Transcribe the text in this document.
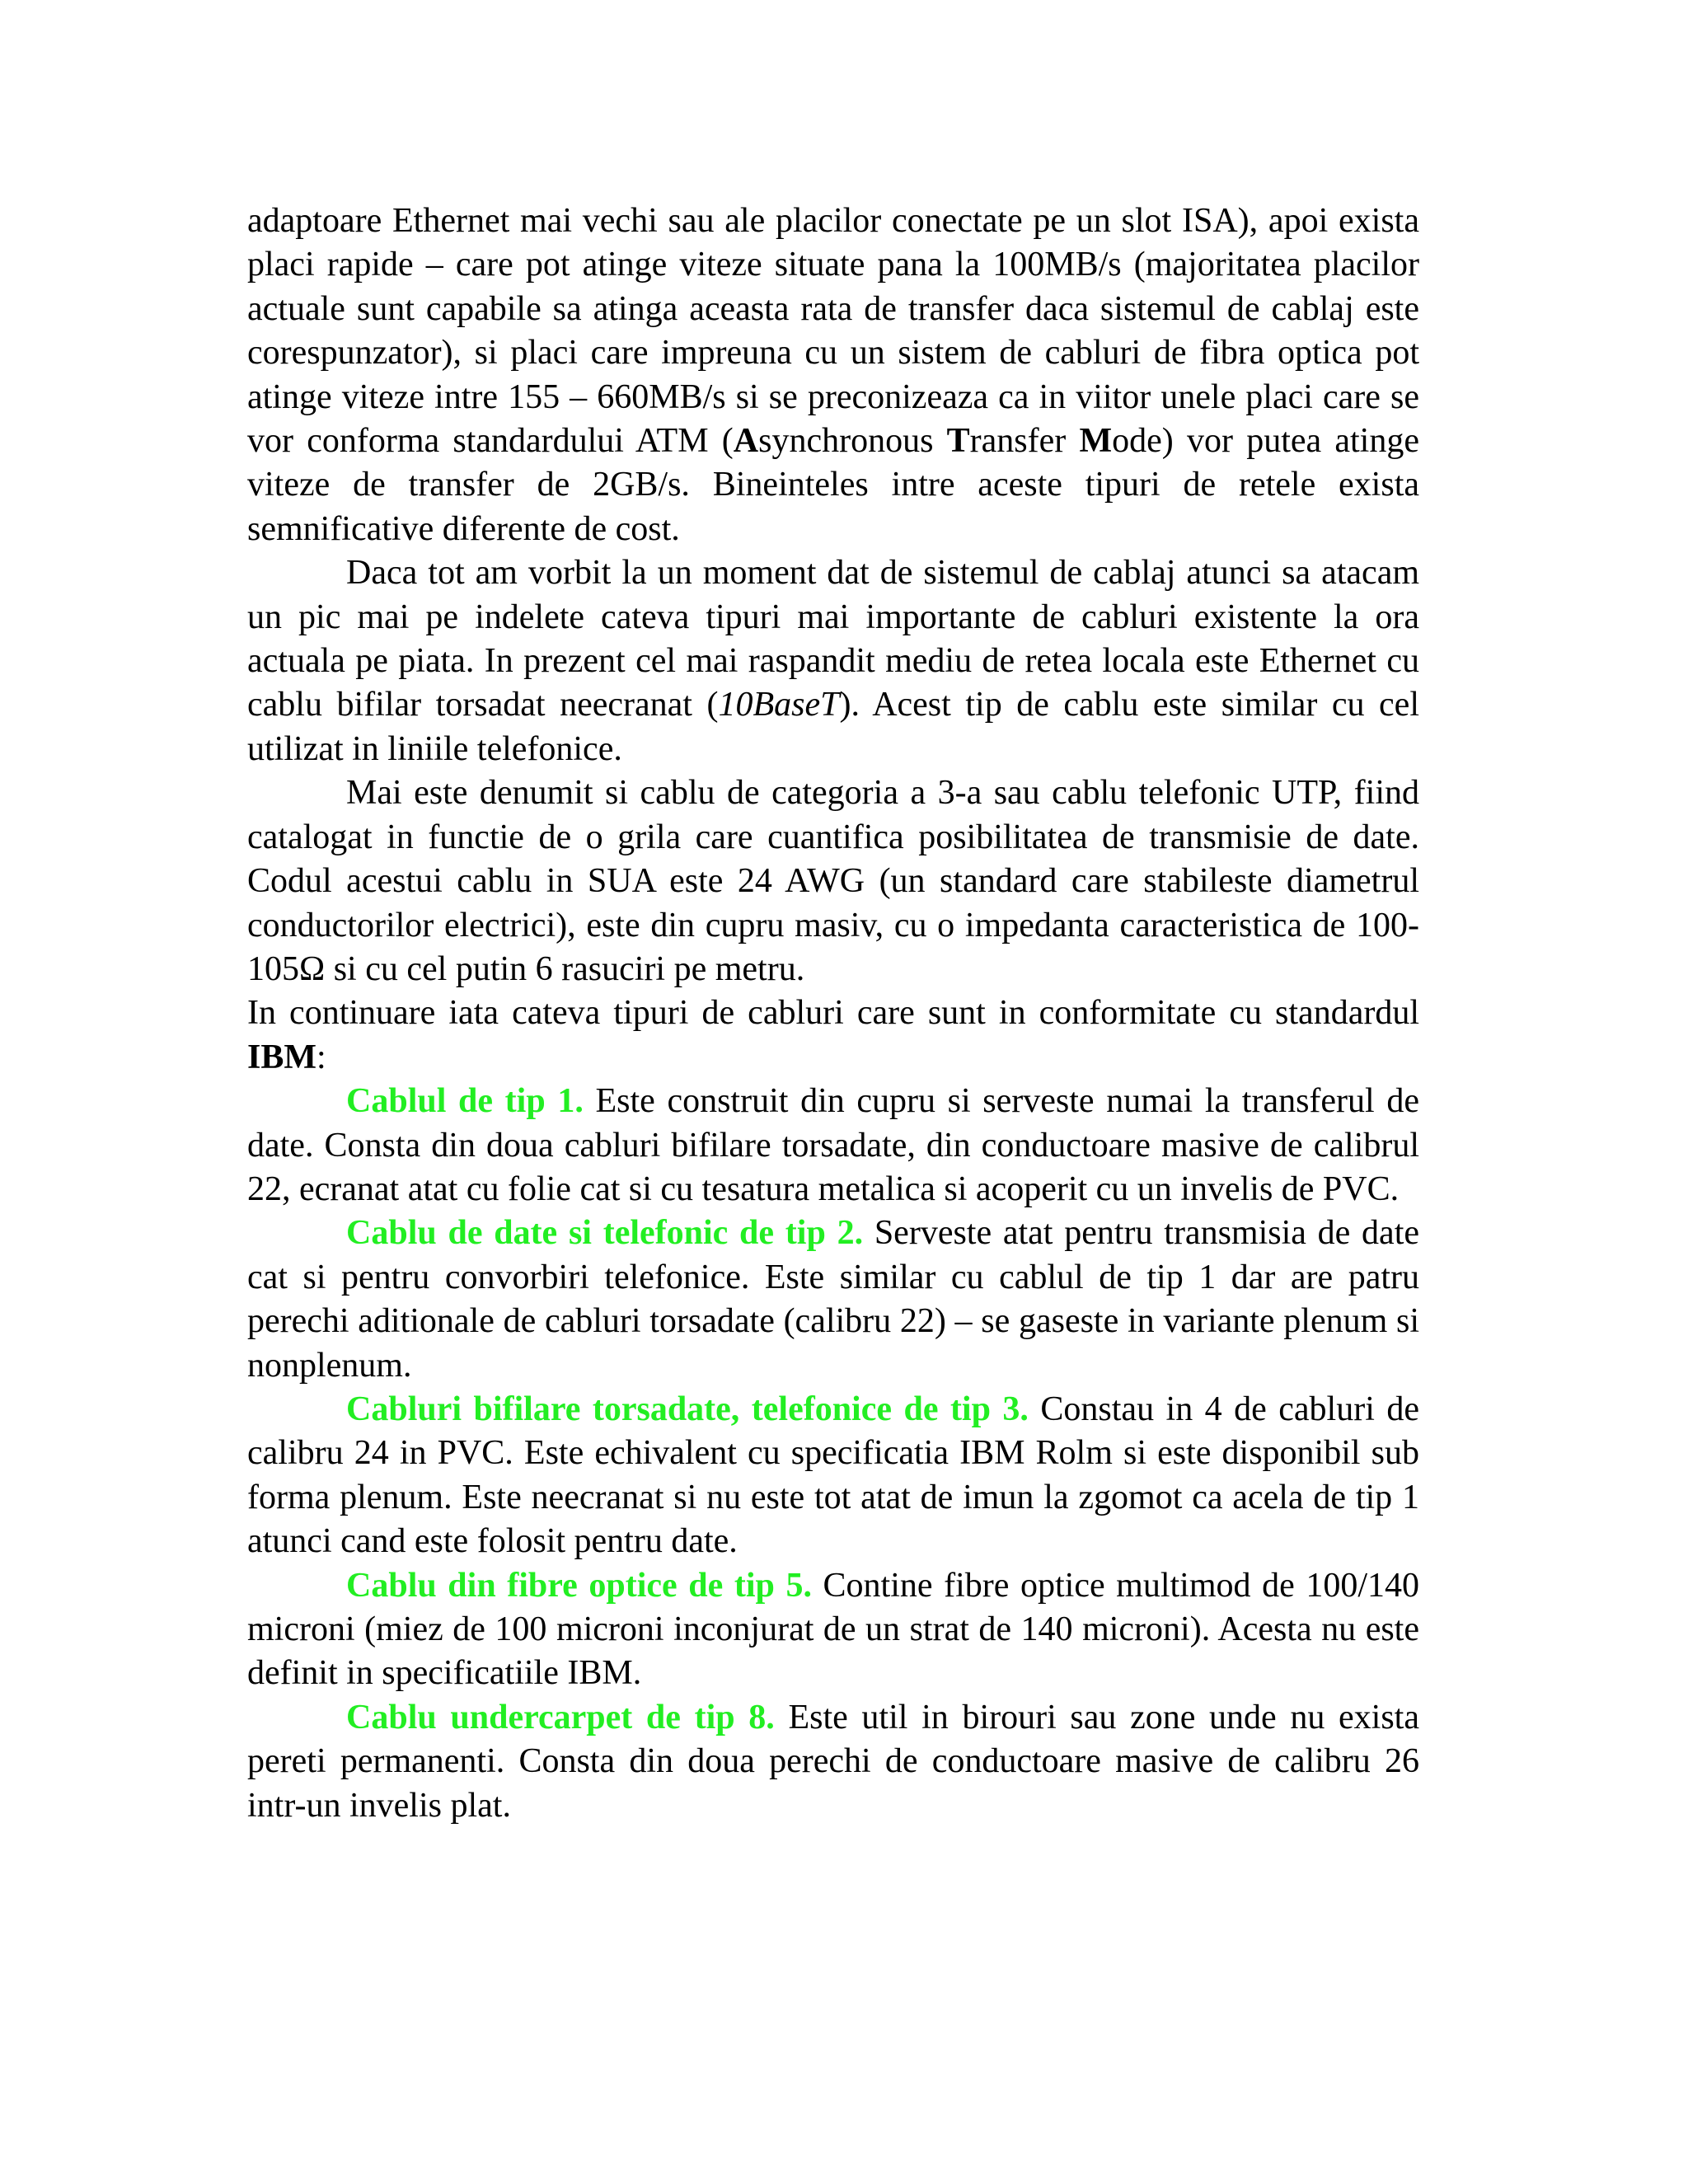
adaptoare Ethernet mai vechi sau ale placilor conectate pe un slot ISA), apoi exista placi rapide – care pot atinge viteze situate pana la 100MB/s (majoritatea placilor actuale sunt capabile sa atinga aceasta rata de transfer daca sistemul de cablaj este corespunzator), si placi care impreuna cu un sistem de cabluri de fibra optica pot atinge viteze intre 155 – 660MB/s si se preconizeaza ca in viitor unele placi care se vor conforma standardului ATM (Asynchronous Transfer Mode) vor putea atinge viteze de transfer de 2GB/s. Bineinteles intre aceste tipuri de retele exista semnificative diferente de cost.

Daca tot am vorbit la un moment dat de sistemul de cablaj atunci sa atacam un pic mai pe indelete cateva tipuri mai importante de cabluri existente la ora actuala pe piata. In prezent cel mai raspandit mediu de retea locala este Ethernet cu cablu bifilar torsadat neecranat (10BaseT). Acest tip de cablu este similar cu cel utilizat in liniile telefonice.

Mai este denumit si cablu de categoria a 3-a sau cablu telefonic UTP, fiind catalogat in functie de o grila care cuantifica posibilitatea de transmisie de date. Codul acestui cablu in SUA este 24 AWG (un standard care stabileste diametrul conductorilor electrici), este din cupru masiv, cu o impedanta caracteristica de 100-105Ω si cu cel putin 6 rasuciri pe metru.

In continuare iata cateva tipuri de cabluri care sunt in conformitate cu standardul IBM:

Cablul de tip 1. Este construit din cupru si serveste numai la transferul de date. Consta din doua cabluri bifilare torsadate, din conductoare masive de calibrul 22, ecranat atat cu folie cat si cu tesatura metalica si acoperit cu un invelis de PVC.

Cablu de date si telefonic de tip 2. Serveste atat pentru transmisia de date cat si pentru convorbiri telefonice. Este similar cu cablul de tip 1 dar are patru perechi aditionale de cabluri torsadate (calibru 22) – se gaseste in variante plenum si nonplenum.

Cabluri bifilare torsadate, telefonice de tip 3. Constau in 4 de cabluri de calibru 24 in PVC. Este echivalent cu specificatia IBM Rolm si este disponibil sub forma plenum. Este neecranat si nu este tot atat de imun la zgomot ca acela de tip 1 atunci cand este folosit pentru date.

Cablu din fibre optice de tip 5. Contine fibre optice multimod de 100/140 microni (miez de 100 microni inconjurat de un strat de 140 microni). Acesta nu este definit in specificatiile IBM.

Cablu undercarpet de tip 8. Este util in birouri sau zone unde nu exista pereti permanenti. Consta din doua perechi de conductoare masive de calibru 26 intr-un invelis plat.
